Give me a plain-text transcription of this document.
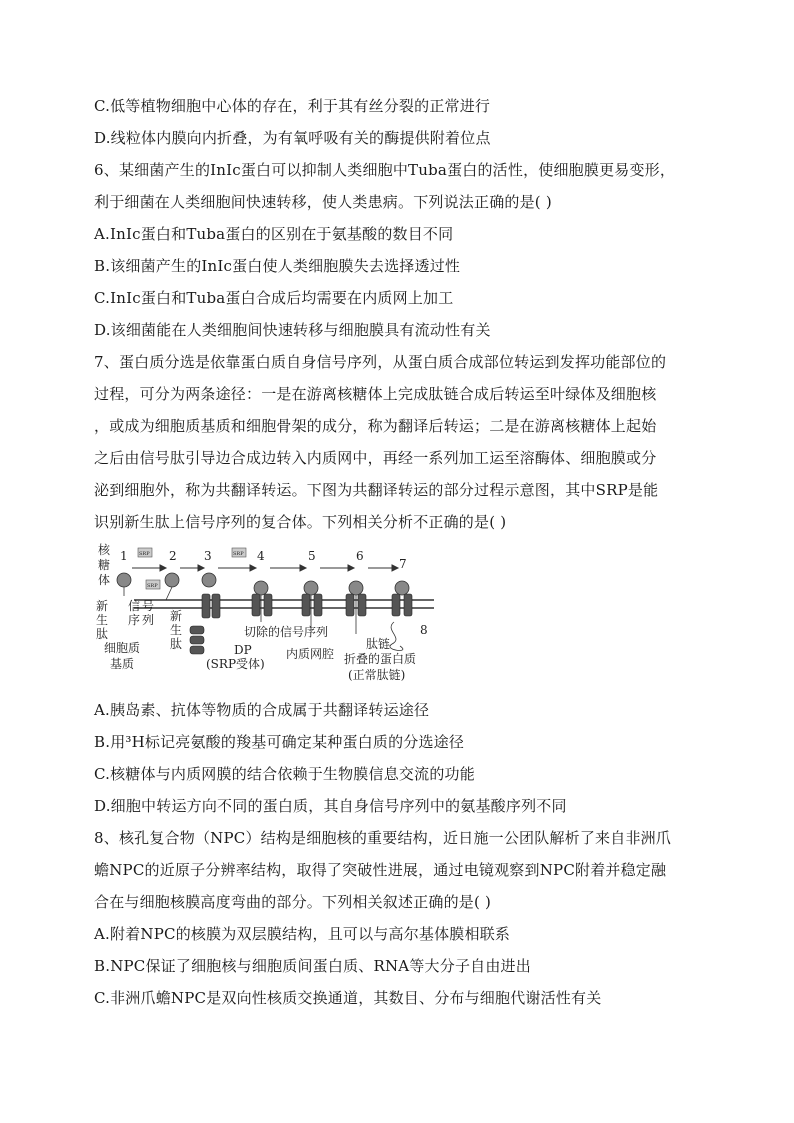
C.低等植物细胞中心体的存在，利于其有丝分裂的正常进行
D.线粒体内膜向内折叠，为有氧呼吸有关的酶提供附着位点
6、某细菌产生的InIc蛋白可以抑制人类细胞中Tuba蛋白的活性，使细胞膜更易变形，
利于细菌在人类细胞间快速转移，使人类患病。下列说法正确的是( )
A.InIc蛋白和Tuba蛋白的区别在于氨基酸的数目不同
B.该细菌产生的InIc蛋白使人类细胞膜失去选择透过性
C.InIc蛋白和Tuba蛋白合成后均需要在内质网上加工
D.该细菌能在人类细胞间快速转移与细胞膜具有流动性有关
7、蛋白质分选是依靠蛋白质自身信号序列，从蛋白质合成部位转运到发挥功能部位的
过程，可分为两条途径：一是在游离核糖体上完成肽链合成后转运至叶绿体及细胞核
，或成为细胞质基质和细胞骨架的成分，称为翻译后转运；二是在游离核糖体上起始
之后由信号肽引导边合成边转入内质网中，再经一系列加工运至溶酶体、细胞膜或分
泌到细胞外，称为共翻译转运。下图为共翻译转运的部分过程示意图，其中SRP是能
识别新生肽上信号序列的复合体。下列相关分析不正确的是( )
核
糖
体
1	2 3	4	5	6
7
8
SRP
SRP
SRP
新
生
肽
信 号
序 列 新
生
肽
细胞质
基质
DP
(SRP受体)
切除的信号序列
内质网腔
肽链
折叠的蛋白质
(正常肽链)
A.胰岛素、抗体等物质的合成属于共翻译转运途径
B.用³H标记亮氨酸的羧基可确定某种蛋白质的分选途径
C.核糖体与内质网膜的结合依赖于生物膜信息交流的功能
D.细胞中转运方向不同的蛋白质，其自身信号序列中的氨基酸序列不同
8、核孔复合物（NPC）结构是细胞核的重要结构，近日施一公团队解析了来自非洲爪
蟾NPC的近原子分辨率结构，取得了突破性进展，通过电镜观察到NPC附着并稳定融
合在与细胞核膜高度弯曲的部分。下列相关叙述正确的是( )
A.附着NPC的核膜为双层膜结构，且可以与高尔基体膜相联系
B.NPC保证了细胞核与细胞质间蛋白质、RNA等大分子自由进出
C.非洲爪蟾NPC是双向性核质交换通道，其数目、分布与细胞代谢活性有关
